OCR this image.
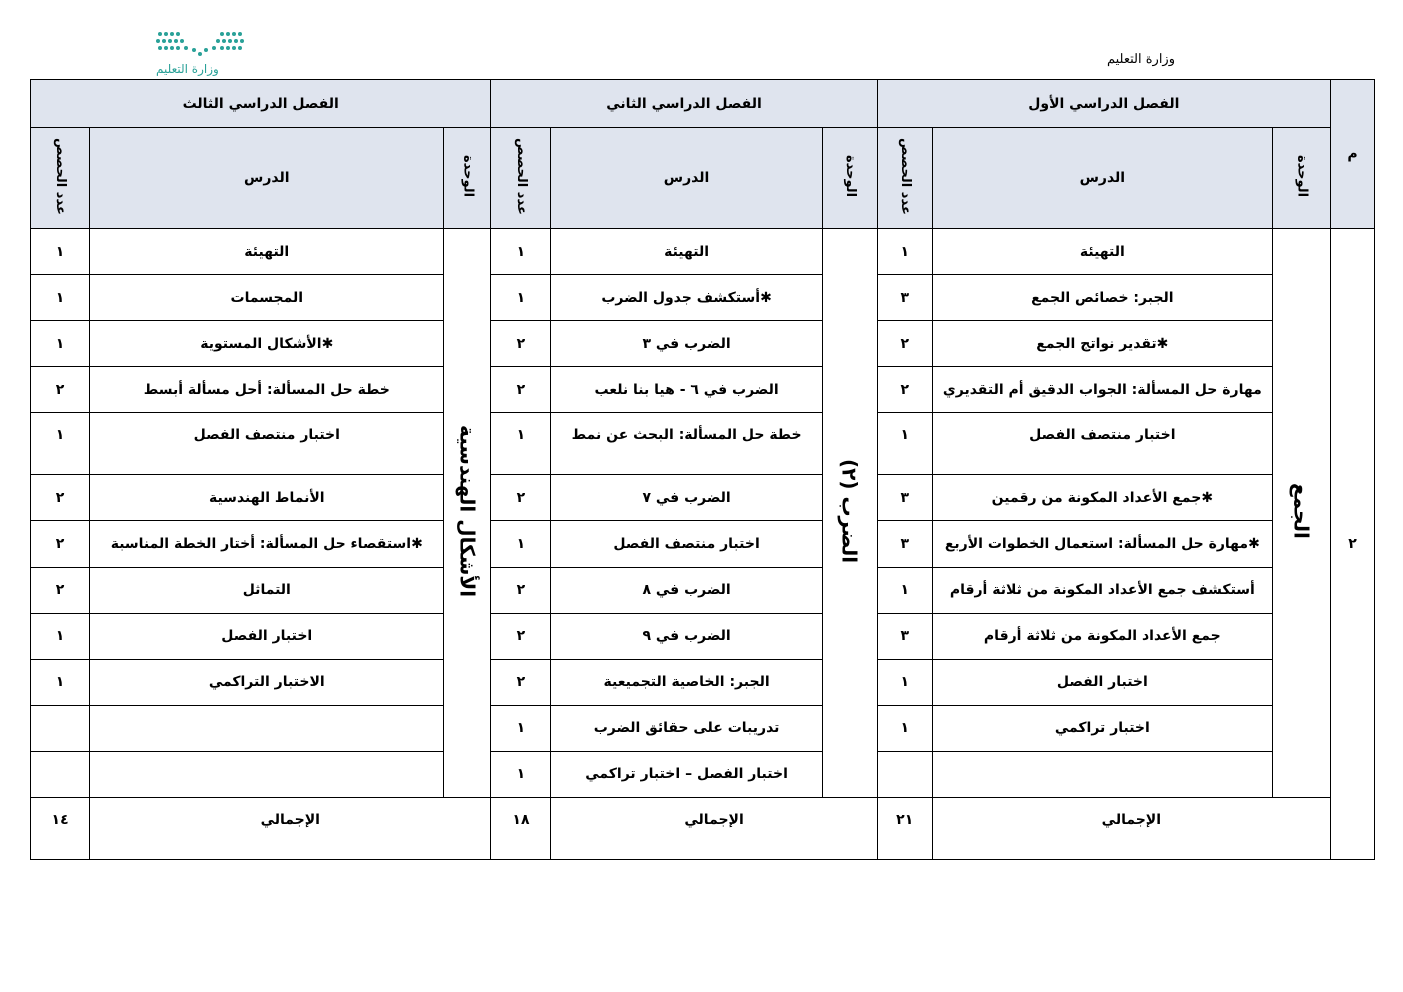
وزارة التعليم
وزارة التعليم
م	الفصل الدراسي الأول			الفصل الدراسي الثاني			الفصل الدراسي الثالث		
	الوحدة	الدرس	عدد الحصص	الوحدة	الدرس	عدد الحصص	الوحدة	الدرس	عدد الحصص
٢	الجمع	التهيئة	١	الضرب (٢)	التهيئة	١	الأشكال الهندسية	التهيئة	١
		الجبر: خصائص الجمع	٣		✱أستكشف جدول الضرب	١		المجسمات	١
		✱تقدير نواتج الجمع	٢		الضرب في ٣	٢		✱الأشكال المستوية	١
		مهارة حل المسألة: الجواب الدقيق أم التقديري	٢		الضرب في ٦ - هيا بنا نلعب	٢		خطة حل المسألة: أحل مسألة أبسط	٢
		اختبار منتصف الفصل	١		خطة حل المسألة: البحث عن نمط	١		اختبار منتصف الفصل	١
		✱جمع الأعداد المكونة من رقمين	٣		الضرب في ٧	٢		الأنماط الهندسية	٢
		✱مهارة حل المسألة: استعمال الخطوات الأربع	٣		اختبار منتصف الفصل	١		✱استقصاء حل المسألة: أختار الخطة المناسبة	٢
		أستكشف جمع الأعداد المكونة من ثلاثة أرقام	١		الضرب في ٨	٢		التماثل	٢
		جمع الأعداد المكونة من ثلاثة أرقام	٣		الضرب في ٩	٢		اختبار الفصل	١
		اختبار الفصل	١		الجبر: الخاصية التجميعية	٢		الاختبار التراكمي	١
		اختبار تراكمي	١		تدريبات على حقائق الضرب	١			
					اختبار الفصل – اختبار تراكمي	١			
	الإجمالي		٢١	الإجمالي		١٨	الإجمالي		١٤
